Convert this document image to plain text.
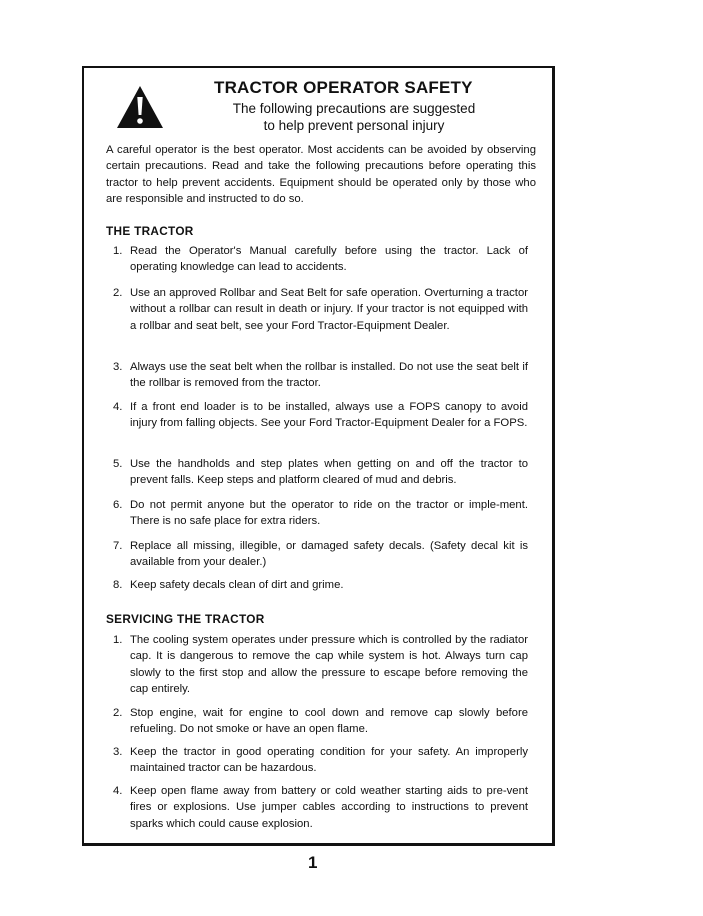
TRACTOR OPERATOR SAFETY
The following precautions are suggested
to help prevent personal injury
A careful operator is the best operator. Most accidents can be avoided by observing certain precautions. Read and take the following precautions before operating this tractor to help prevent accidents. Equipment should be operated only by those who are responsible and instructed to do so.
THE TRACTOR
1. Read the Operator's Manual carefully before using the tractor. Lack of operating knowledge can lead to accidents.
2. Use an approved Rollbar and Seat Belt for safe operation. Overturning a tractor without a rollbar can result in death or injury. If your tractor is not equipped with a rollbar and seat belt, see your Ford Tractor-Equipment Dealer.
3. Always use the seat belt when the rollbar is installed. Do not use the seat belt if the rollbar is removed from the tractor.
4. If a front end loader is to be installed, always use a FOPS canopy to avoid injury from falling objects. See your Ford Tractor-Equipment Dealer for a FOPS.
5. Use the handholds and step plates when getting on and off the tractor to prevent falls. Keep steps and platform cleared of mud and debris.
6. Do not permit anyone but the operator to ride on the tractor or imple-ment. There is no safe place for extra riders.
7. Replace all missing, illegible, or damaged safety decals. (Safety decal kit is available from your dealer.)
8. Keep safety decals clean of dirt and grime.
SERVICING THE TRACTOR
1. The cooling system operates under pressure which is controlled by the radiator cap. It is dangerous to remove the cap while system is hot. Always turn cap slowly to the first stop and allow the pressure to escape before removing the cap entirely.
2. Stop engine, wait for engine to cool down and remove cap slowly before refueling. Do not smoke or have an open flame.
3. Keep the tractor in good operating condition for your safety. An improperly maintained tractor can be hazardous.
4. Keep open flame away from battery or cold weather starting aids to pre-vent fires or explosions. Use jumper cables according to instructions to prevent sparks which could cause explosion.
1
